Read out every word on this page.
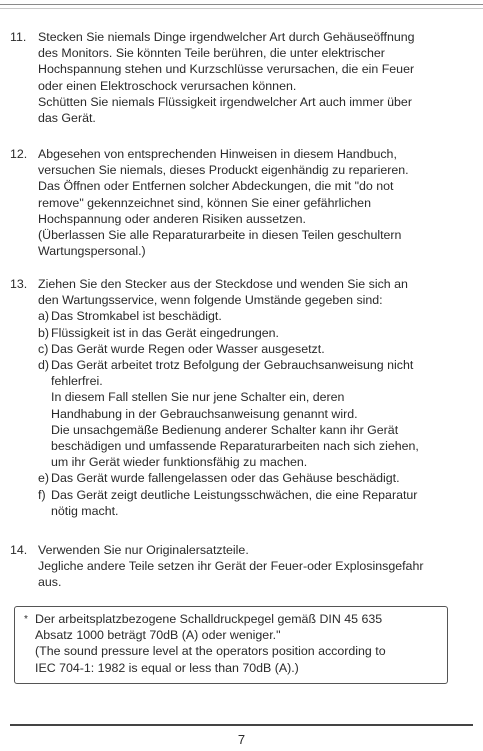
11. Stecken Sie niemals Dinge irgendwelcher Art durch Gehäuseöffnung
des Monitors. Sie könnten Teile berühren, die unter elektrischer
Hochspannung stehen und Kurzschlüsse verursachen, die ein Feuer
oder einen Elektroschock verursachen können.
Schütten Sie niemals Flüssigkeit irgendwelcher Art auch immer über
das Gerät.
12. Abgesehen von entsprechenden Hinweisen in diesem Handbuch,
versuchen Sie niemals, dieses Produckt eigenhändig zu reparieren.
Das Öffnen oder Entfernen solcher Abdeckungen, die mit "do not
remove" gekennzeichnet sind, können Sie einer gefährlichen
Hochspannung oder anderen Risiken aussetzen.
(Überlassen Sie alle Reparaturarbeite in diesen Teilen geschultern
Wartungspersonal.)
13. Ziehen Sie den Stecker aus der Steckdose und wenden Sie sich an
den Wartungsservice, wenn folgende Umstände gegeben sind:
a) Das Stromkabel ist beschädigt.
b) Flüssigkeit ist in das Gerät eingedrungen.
c) Das Gerät wurde Regen oder Wasser ausgesetzt.
d) Das Gerät arbeitet trotz Befolgung der Gebrauchsanweisung nicht
fehlerfrei.
In diesem Fall stellen Sie nur jene Schalter ein, deren
Handhabung in der Gebrauchsanweisung genannt wird.
Die unsachgemäße Bedienung anderer Schalter kann ihr Gerät
beschädigen und umfassende Reparaturarbeiten nach sich ziehen,
um ihr Gerät wieder funktionsfähig zu machen.
e) Das Gerät wurde fallengelassen oder das Gehäuse beschädigt.
f) Das Gerät zeigt deutliche Leistungsschwächen, die eine Reparatur
nötig macht.
14. Verwenden Sie nur Originalersatzteile.
Jegliche andere Teile setzen ihr Gerät der Feuer-oder Explosinsgefahr
aus.
* Der arbeitsplatzbezogene Schalldruckpegel gemäß DIN 45 635
Absatz 1000 beträgt 70dB (A) oder weniger."
(The sound pressure level at the operators position according to
IEC 704-1: 1982 is equal or less than 70dB (A).)
7
